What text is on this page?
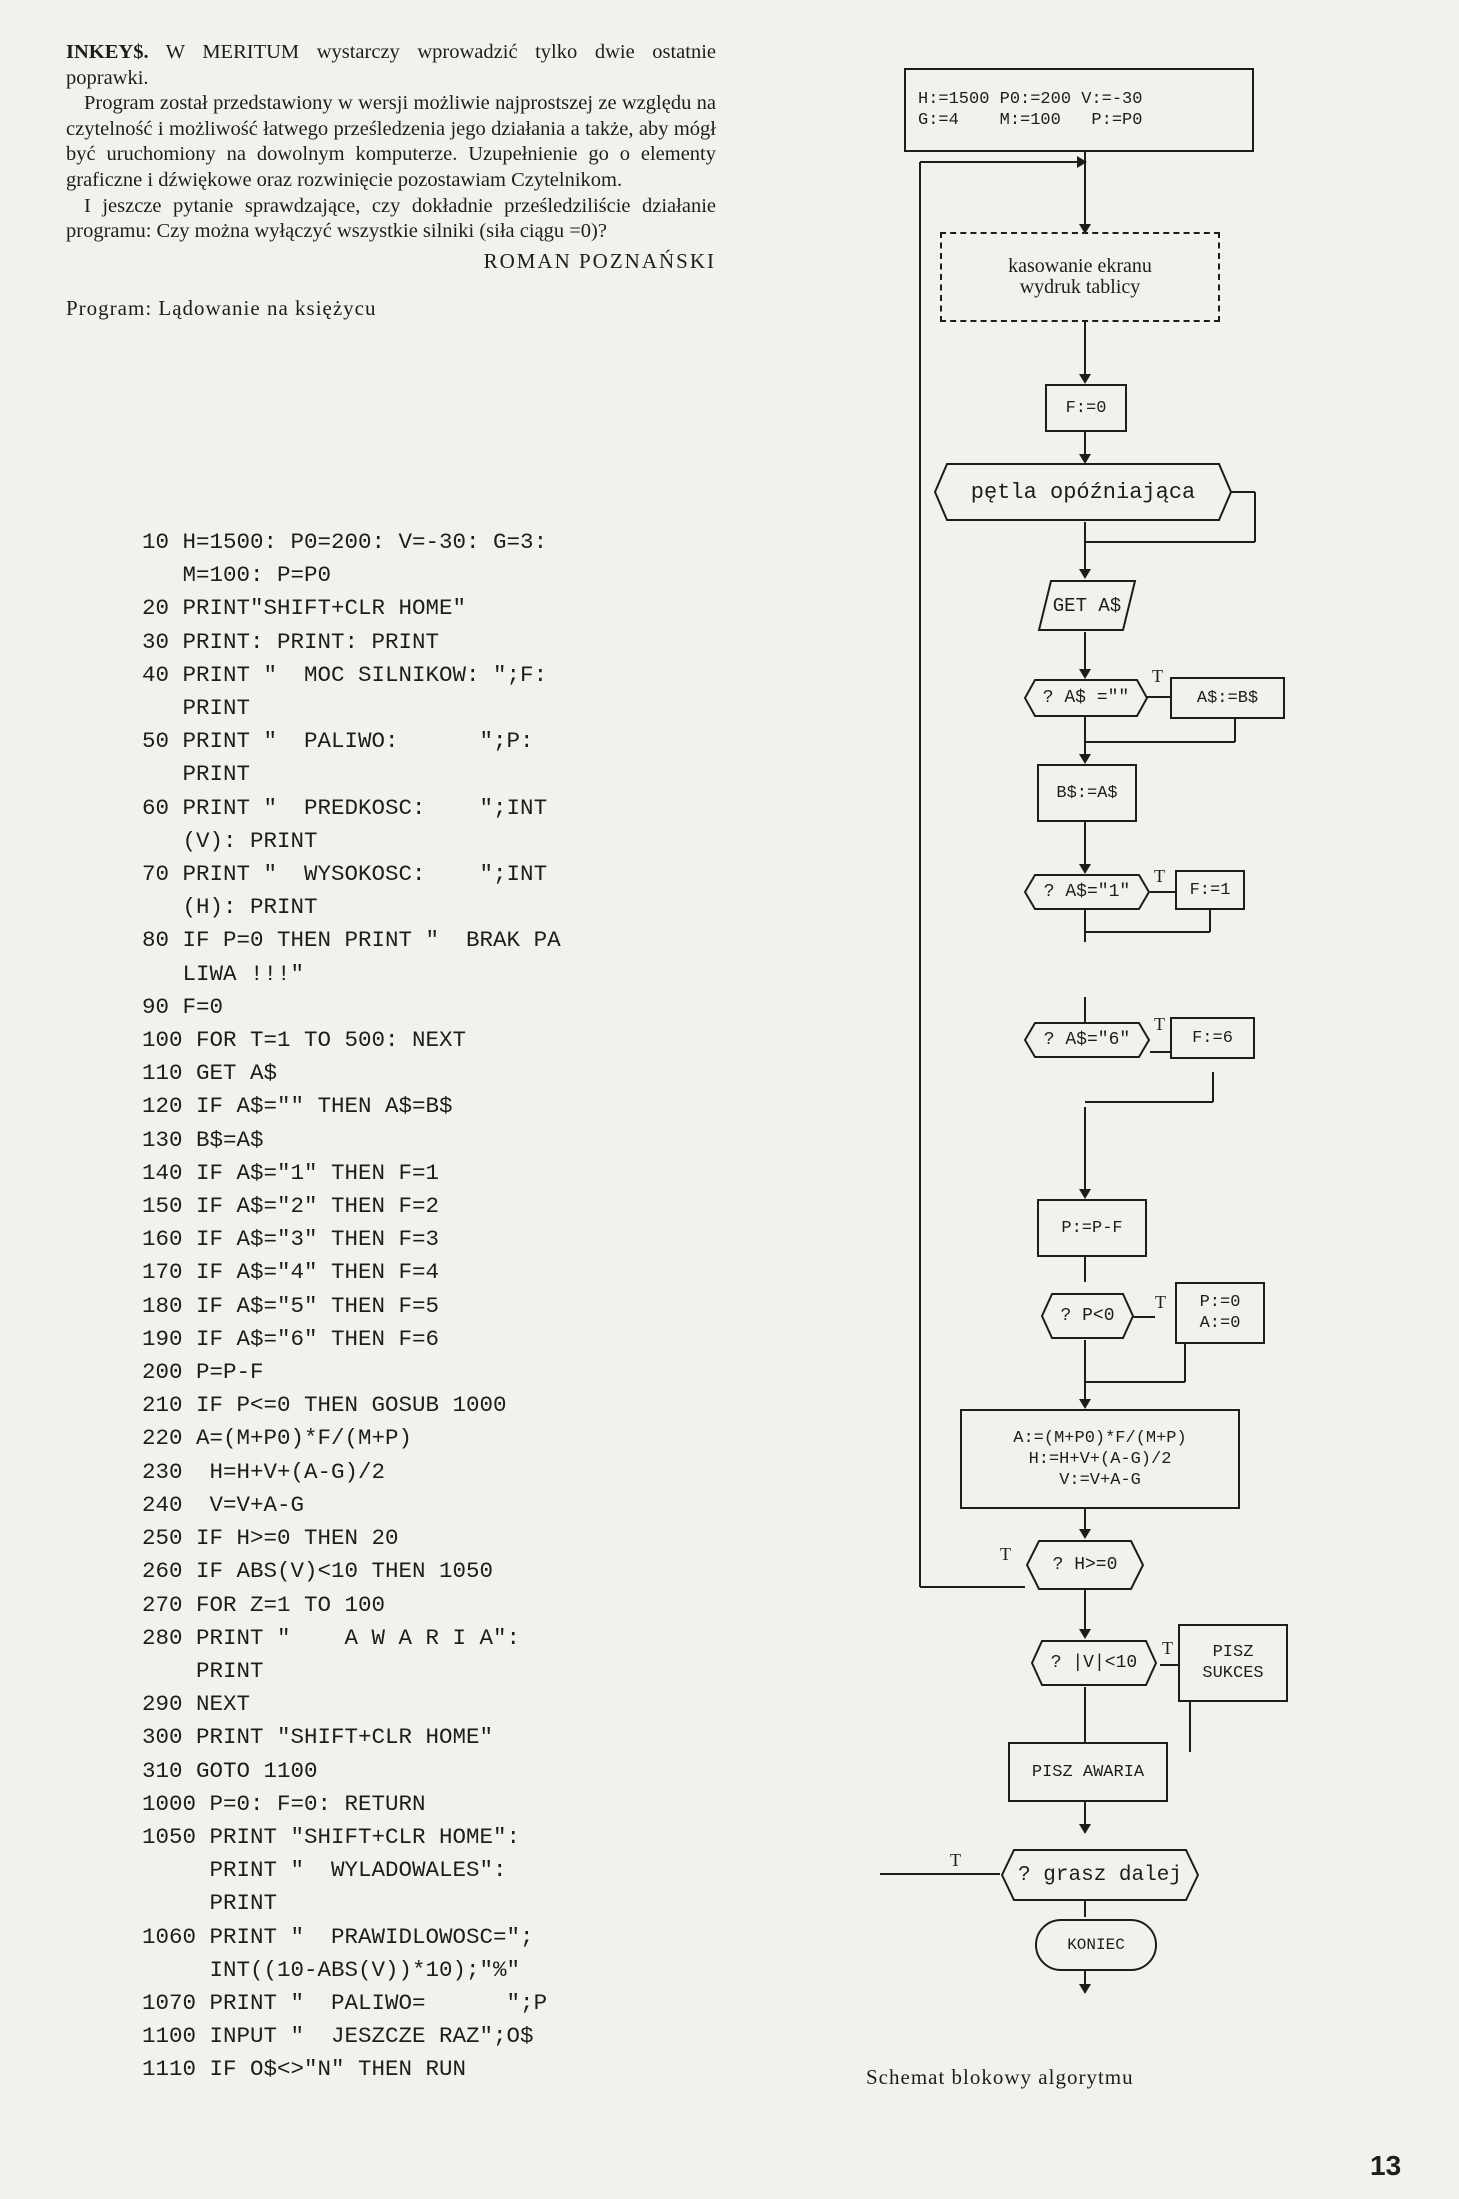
INKEY$. W MERITUM wystarczy wprowadzić tylko dwie ostatnie poprawki.

Program został przedstawiony w wersji możliwie najprostszej ze względu na czytelność i możliwość łatwego prześledzenia jego działania a także, aby mógł być uruchomiony na dowolnym komputerze. Uzupełnienie go o elementy graficzne i dźwiękowe oraz rozwinięcie pozostawiam Czytelnikom.

I jeszcze pytanie sprawdzające, czy dokładnie prześledziliście działanie programu: Czy można wyłączyć wszystkie silniki (siła ciągu =0)?

ROMAN POZNAŃSKI
Program: Lądowanie na księżycu
10 H=1500: P0=200: V=-30: G=3:
M=100: P=P0
20 PRINT"SHIFT+CLR HOME"
30 PRINT: PRINT: PRINT
40 PRINT "  MOC SILNIKOW: ";F:
PRINT
50 PRINT "  PALIWO:      ";P:
PRINT
60 PRINT "  PREDKOSC:    ";INT
(V): PRINT
70 PRINT "  WYSOKOSC:    ";INT
(H): PRINT
80 IF P=0 THEN PRINT "  BRAK PA
LIWA !!!"
90 F=0
100 FOR T=1 TO 500: NEXT
110 GET A$
120 IF A$="" THEN A$=B$
130 B$=A$
140 IF A$="1" THEN F=1
150 IF A$="2" THEN F=2
160 IF A$="3" THEN F=3
170 IF A$="4" THEN F=4
180 IF A$="5" THEN F=5
190 IF A$="6" THEN F=6
200 P=P-F
210 IF P<=0 THEN GOSUB 1000
220 A=(M+P0)*F/(M+P)
230  H=H+V+(A-G)/2
240  V=V+A-G
250 IF H>=0 THEN 20
260 IF ABS(V)<10 THEN 1050
270 FOR Z=1 TO 100
280 PRINT "    A W A R I A":
PRINT
290 NEXT
300 PRINT "SHIFT+CLR HOME"
310 GOTO 1100
1000 P=0: F=0: RETURN
1050 PRINT "SHIFT+CLR HOME":
PRINT "  WYLADOWALES":
PRINT
1060 PRINT "  PRAWIDLOWOSC=";
INT((10-ABS(V))*10);"%"
1070 PRINT "  PALIWO=      ";P
1100 INPUT "  JESZCZE RAZ";O$
1110 IF O$<>"N" THEN RUN
H:=1500 P0:=200 V:=-30
G:=4    M:=100   P:=P0
kasowanie ekranu
wydruk tablicy
F:=0
pętla opóźniająca
GET A$
? A$ =""
T
A$:=B$
B$:=A$
? A$="1"
T
F:=1
? A$="6"
T
F:=6
P:=P-F
? P<0
T P:=0
A:=0
A:=(M+P0)*F/(M+P)
H:=H+V+(A-G)/2
V:=V+A-G
? H>=0
T
? |V|<10
T PISZ
SUKCES
PISZ AWARIA
? grasz dalej
T
KONIEC
Schemat blokowy algorytmu
13
